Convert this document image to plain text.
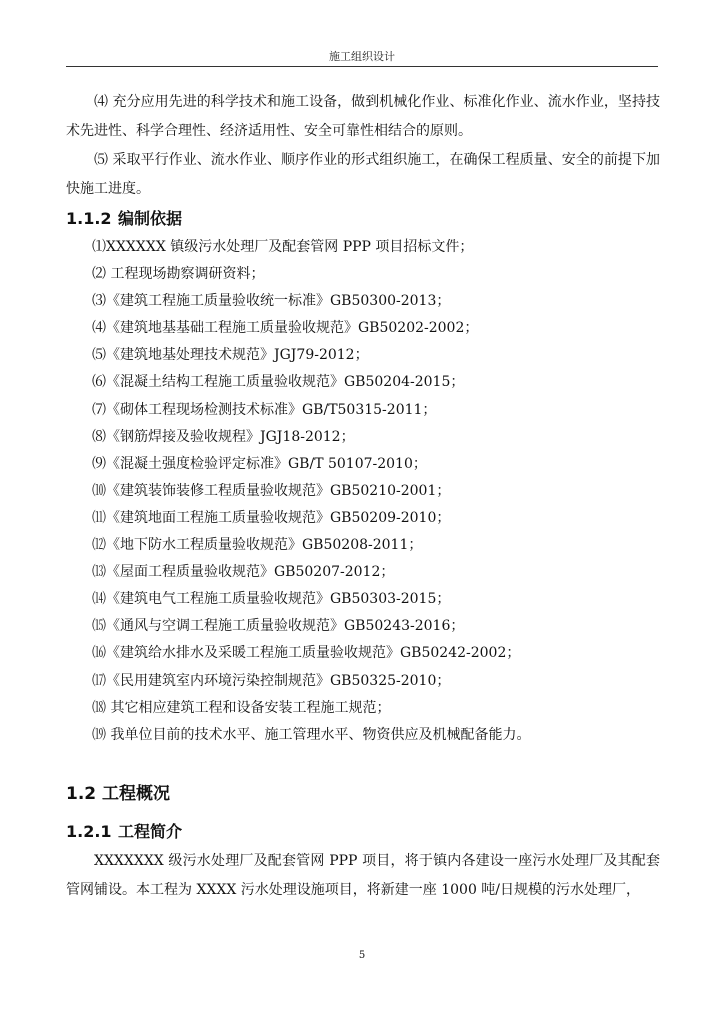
施工组织设计

⑷ 充分应用先进的科学技术和施工设备，做到机械化作业、标准化作业、流水作业，坚持技术先进性、科学合理性、经济适用性、安全可靠性相结合的原则。

⑸ 采取平行作业、流水作业、顺序作业的形式组织施工，在确保工程质量、安全的前提下加快施工进度。

1.1.2 编制依据
⑴XXXXXX 镇级污水处理厂及配套管网 PPP 项目招标文件；
⑵ 工程现场勘察调研资料；
⑶《建筑工程施工质量验收统一标准》GB50300-2013；
⑷《建筑地基基础工程施工质量验收规范》GB50202-2002；
⑸《建筑地基处理技术规范》JGJ79-2012；
⑹《混凝土结构工程施工质量验收规范》GB50204-2015；
⑺《砌体工程现场检测技术标准》GB/T50315-2011；
⑻《钢筋焊接及验收规程》JGJ18-2012；
⑼《混凝土强度检验评定标准》GB/T 50107-2010；
⑽《建筑装饰装修工程质量验收规范》GB50210-2001；
⑾《建筑地面工程施工质量验收规范》GB50209-2010；
⑿《地下防水工程质量验收规范》GB50208-2011；
⒀《屋面工程质量验收规范》GB50207-2012；
⒁《建筑电气工程施工质量验收规范》GB50303-2015；
⒂《通风与空调工程施工质量验收规范》GB50243-2016；
⒃《建筑给水排水及采暖工程施工质量验收规范》GB50242-2002；
⒄《民用建筑室内环境污染控制规范》GB50325-2010；
⒅ 其它相应建筑工程和设备安装工程施工规范；
⒆ 我单位目前的技术水平、施工管理水平、物资供应及机械配备能力。
1.2 工程概况
1.2.1 工程简介

XXXXXXX 级污水处理厂及配套管网 PPP 项目，将于镇内各建设一座污水处理厂及其配套管网铺设。本工程为 XXXX 污水处理设施项目，将新建一座 1000 吨/日规模的污水处理厂，

5
